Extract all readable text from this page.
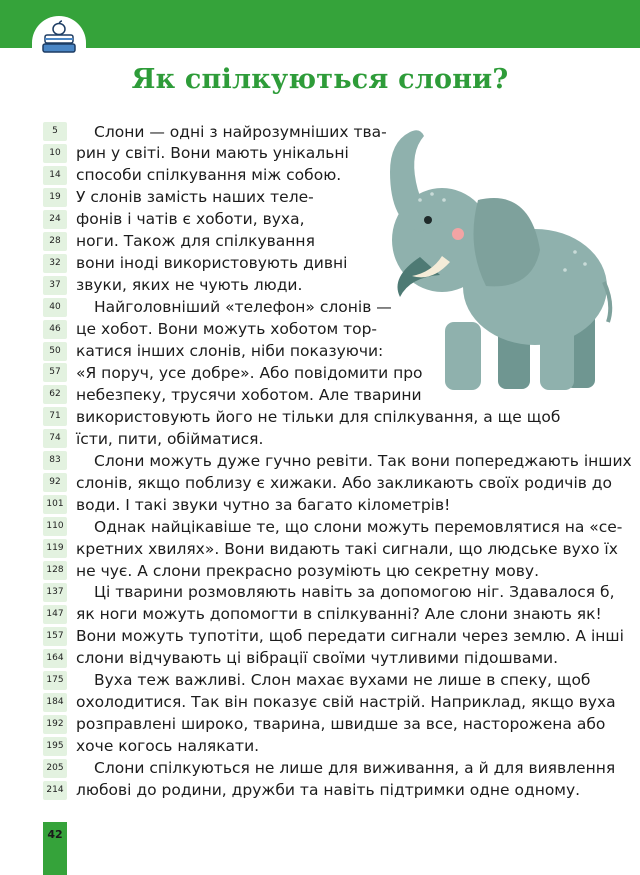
Як спілкуються слони?
5
10
14
19
24
28
32
37
40
46
50
57
62
71
74
83
92
101
110
119
128
137
147
157
164
175
184
192
195
205
214
Слони — одні з найрозумніших тва-
рин у світі. Вони мають унікальні
способи спілкування між собою.
У слонів замість наших теле-
фонів і чатів є хоботи, вуха,
ноги. Також для спілкування
вони іноді використовують дивні
звуки, яких не чують люди.
Найголовніший «телефон» слонів —
це хобот. Вони можуть хоботом тор-
катися інших слонів, ніби показуючи:
«Я поруч, усе добре». Або повідомити про
небезпеку, трусячи хоботом. Але тварини
використовують його не тільки для спілкування, а ще щоб
їсти, пити, обійматися.
Слони можуть дуже гучно ревіти. Так вони попереджають інших
слонів, якщо поблизу є хижаки. Або закликають своїх родичів до
води. І такі звуки чутно за багато кілометрів!
Однак найцікавіше те, що слони можуть перемовлятися на «се-
кретних хвилях». Вони видають такі сигнали, що людське вухо їх
не чує. А слони прекрасно розуміють цю секретну мову.
Ці тварини розмовляють навіть за допомогою ніг. Здавалося б,
як ноги можуть допомогти в спілкуванні? Але слони знають як!
Вони можуть тупотіти, щоб передати сигнали через землю. А інші
слони відчувають ці вібрації своїми чутливими підошвами.
Вуха теж важливі. Слон махає вухами не лише в спеку, щоб
охолодитися. Так він показує свій настрій. Наприклад, якщо вуха
розправлені широко, тварина, швидше за все, насторожена або
хоче когось налякати.
Слони спілкуються не лише для виживання, а й для виявлення
любові до родини, дружби та навіть підтримки одне одному.
42
